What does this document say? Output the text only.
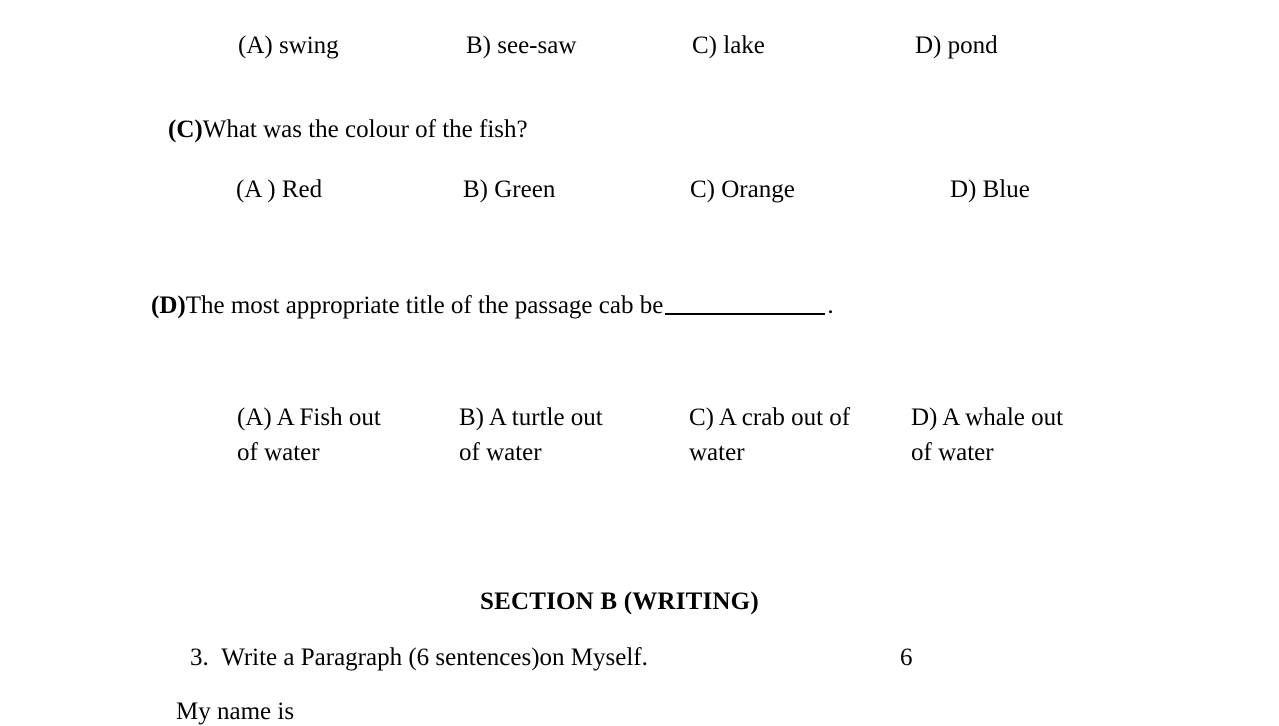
(A) swing	B) see-saw	C) lake	D) pond
(C)What was the colour of the fish?
(A ) Red	B) Green	C) Orange	D) Blue
(D)The most appropriate title of the passage cab be	.
(A) A Fish out
of water
B) A turtle out
of water
C) A crab out of
water
D) A whale out
of water
SECTION B (WRITING)
3. Write a Paragraph (6 sentences)on Myself.	6
My name is
